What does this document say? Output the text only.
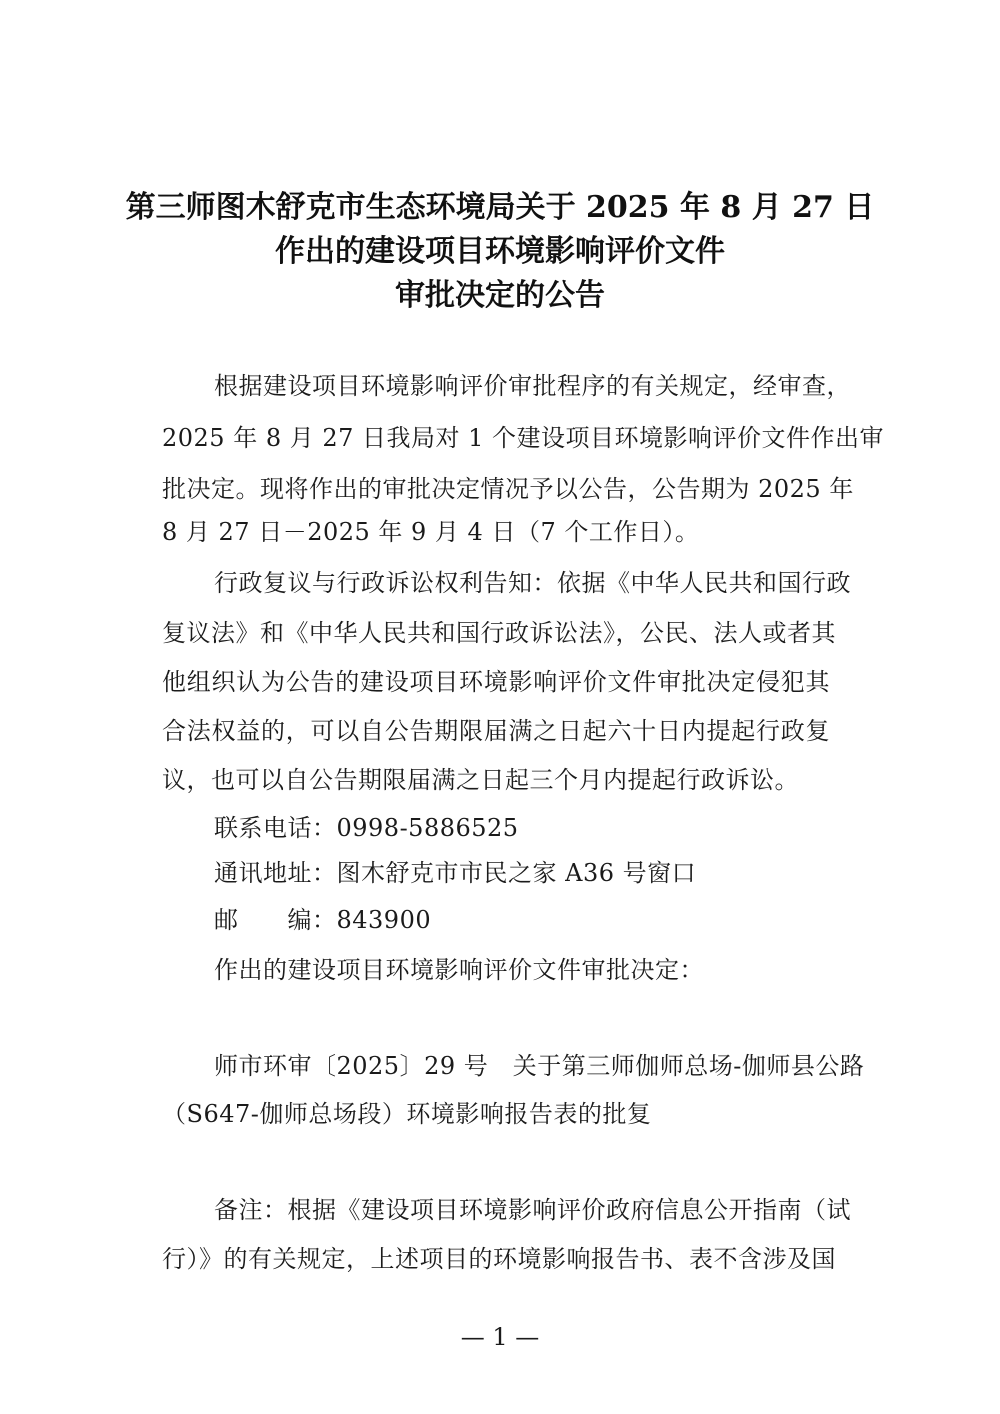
第三师图木舒克市生态环境局关于 2025 年 8 月 27 日
作出的建设项目环境影响评价文件
审批决定的公告
根据建设项目环境影响评价审批程序的有关规定，经审查，
2025 年 8 月 27 日我局对 1 个建设项目环境影响评价文件作出审
批决定。现将作出的审批决定情况予以公告，公告期为 2025 年
8 月 27 日－2025 年 9 月 4 日（7 个工作日）。
行政复议与行政诉讼权利告知：依据《中华人民共和国行政
复议法》和《中华人民共和国行政诉讼法》，公民、法人或者其
他组织认为公告的建设项目环境影响评价文件审批决定侵犯其
合法权益的，可以自公告期限届满之日起六十日内提起行政复
议，也可以自公告期限届满之日起三个月内提起行政诉讼。
联系电话：0998-5886525
通讯地址：图木舒克市市民之家 A36 号窗口
邮　　编：843900
作出的建设项目环境影响评价文件审批决定：
师市环审〔2025〕29 号　关于第三师伽师总场-伽师县公路
（S647-伽师总场段）环境影响报告表的批复
备注：根据《建设项目环境影响评价政府信息公开指南（试
行）》的有关规定，上述项目的环境影响报告书、表不含涉及国
— 1 —
